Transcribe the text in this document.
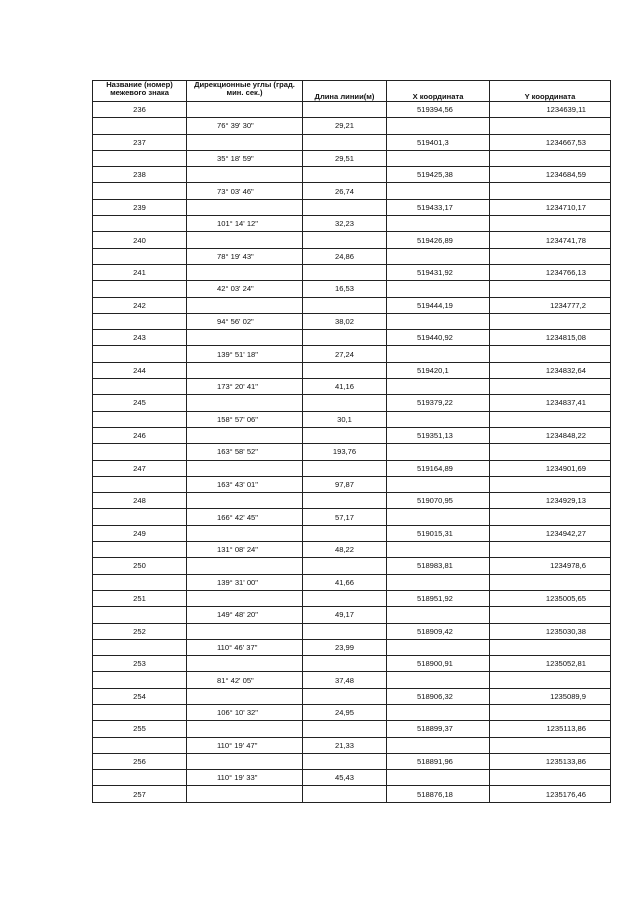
Название (номер) межевого знака	Дирекционные углы (град. мин. сек.)	Длина линии(м)	X координата	Y координата
236			519394,56	1234639,11
	76° 39' 30"	29,21		
237			519401,3	1234667,53
	35° 18' 59"	29,51		
238			519425,38	1234684,59
	73° 03' 46"	26,74		
239			519433,17	1234710,17
	101° 14' 12"	32,23		
240			519426,89	1234741,78
	78° 19' 43"	24,86		
241			519431,92	1234766,13
	42° 03' 24"	16,53		
242			519444,19	1234777,2
	94° 56' 02"	38,02		
243			519440,92	1234815,08
	139° 51' 18"	27,24		
244			519420,1	1234832,64
	173° 20' 41"	41,16		
245			519379,22	1234837,41
	158° 57' 06"	30,1		
246			519351,13	1234848,22
	163° 58' 52"	193,76		
247			519164,89	1234901,69
	163° 43' 01"	97,87		
248			519070,95	1234929,13
	166° 42' 45"	57,17		
249			519015,31	1234942,27
	131° 08' 24"	48,22		
250			518983,81	1234978,6
	139° 31' 00"	41,66		
251			518951,92	1235005,65
	149° 48' 20"	49,17		
252			518909,42	1235030,38
	110° 46' 37"	23,99		
253			518900,91	1235052,81
	81° 42' 05"	37,48		
254			518906,32	1235089,9
	106° 10' 32"	24,95		
255			518899,37	1235113,86
	110° 19' 47"	21,33		
256			518891,96	1235133,86
	110° 19' 33"	45,43		
257			518876,18	1235176,46
